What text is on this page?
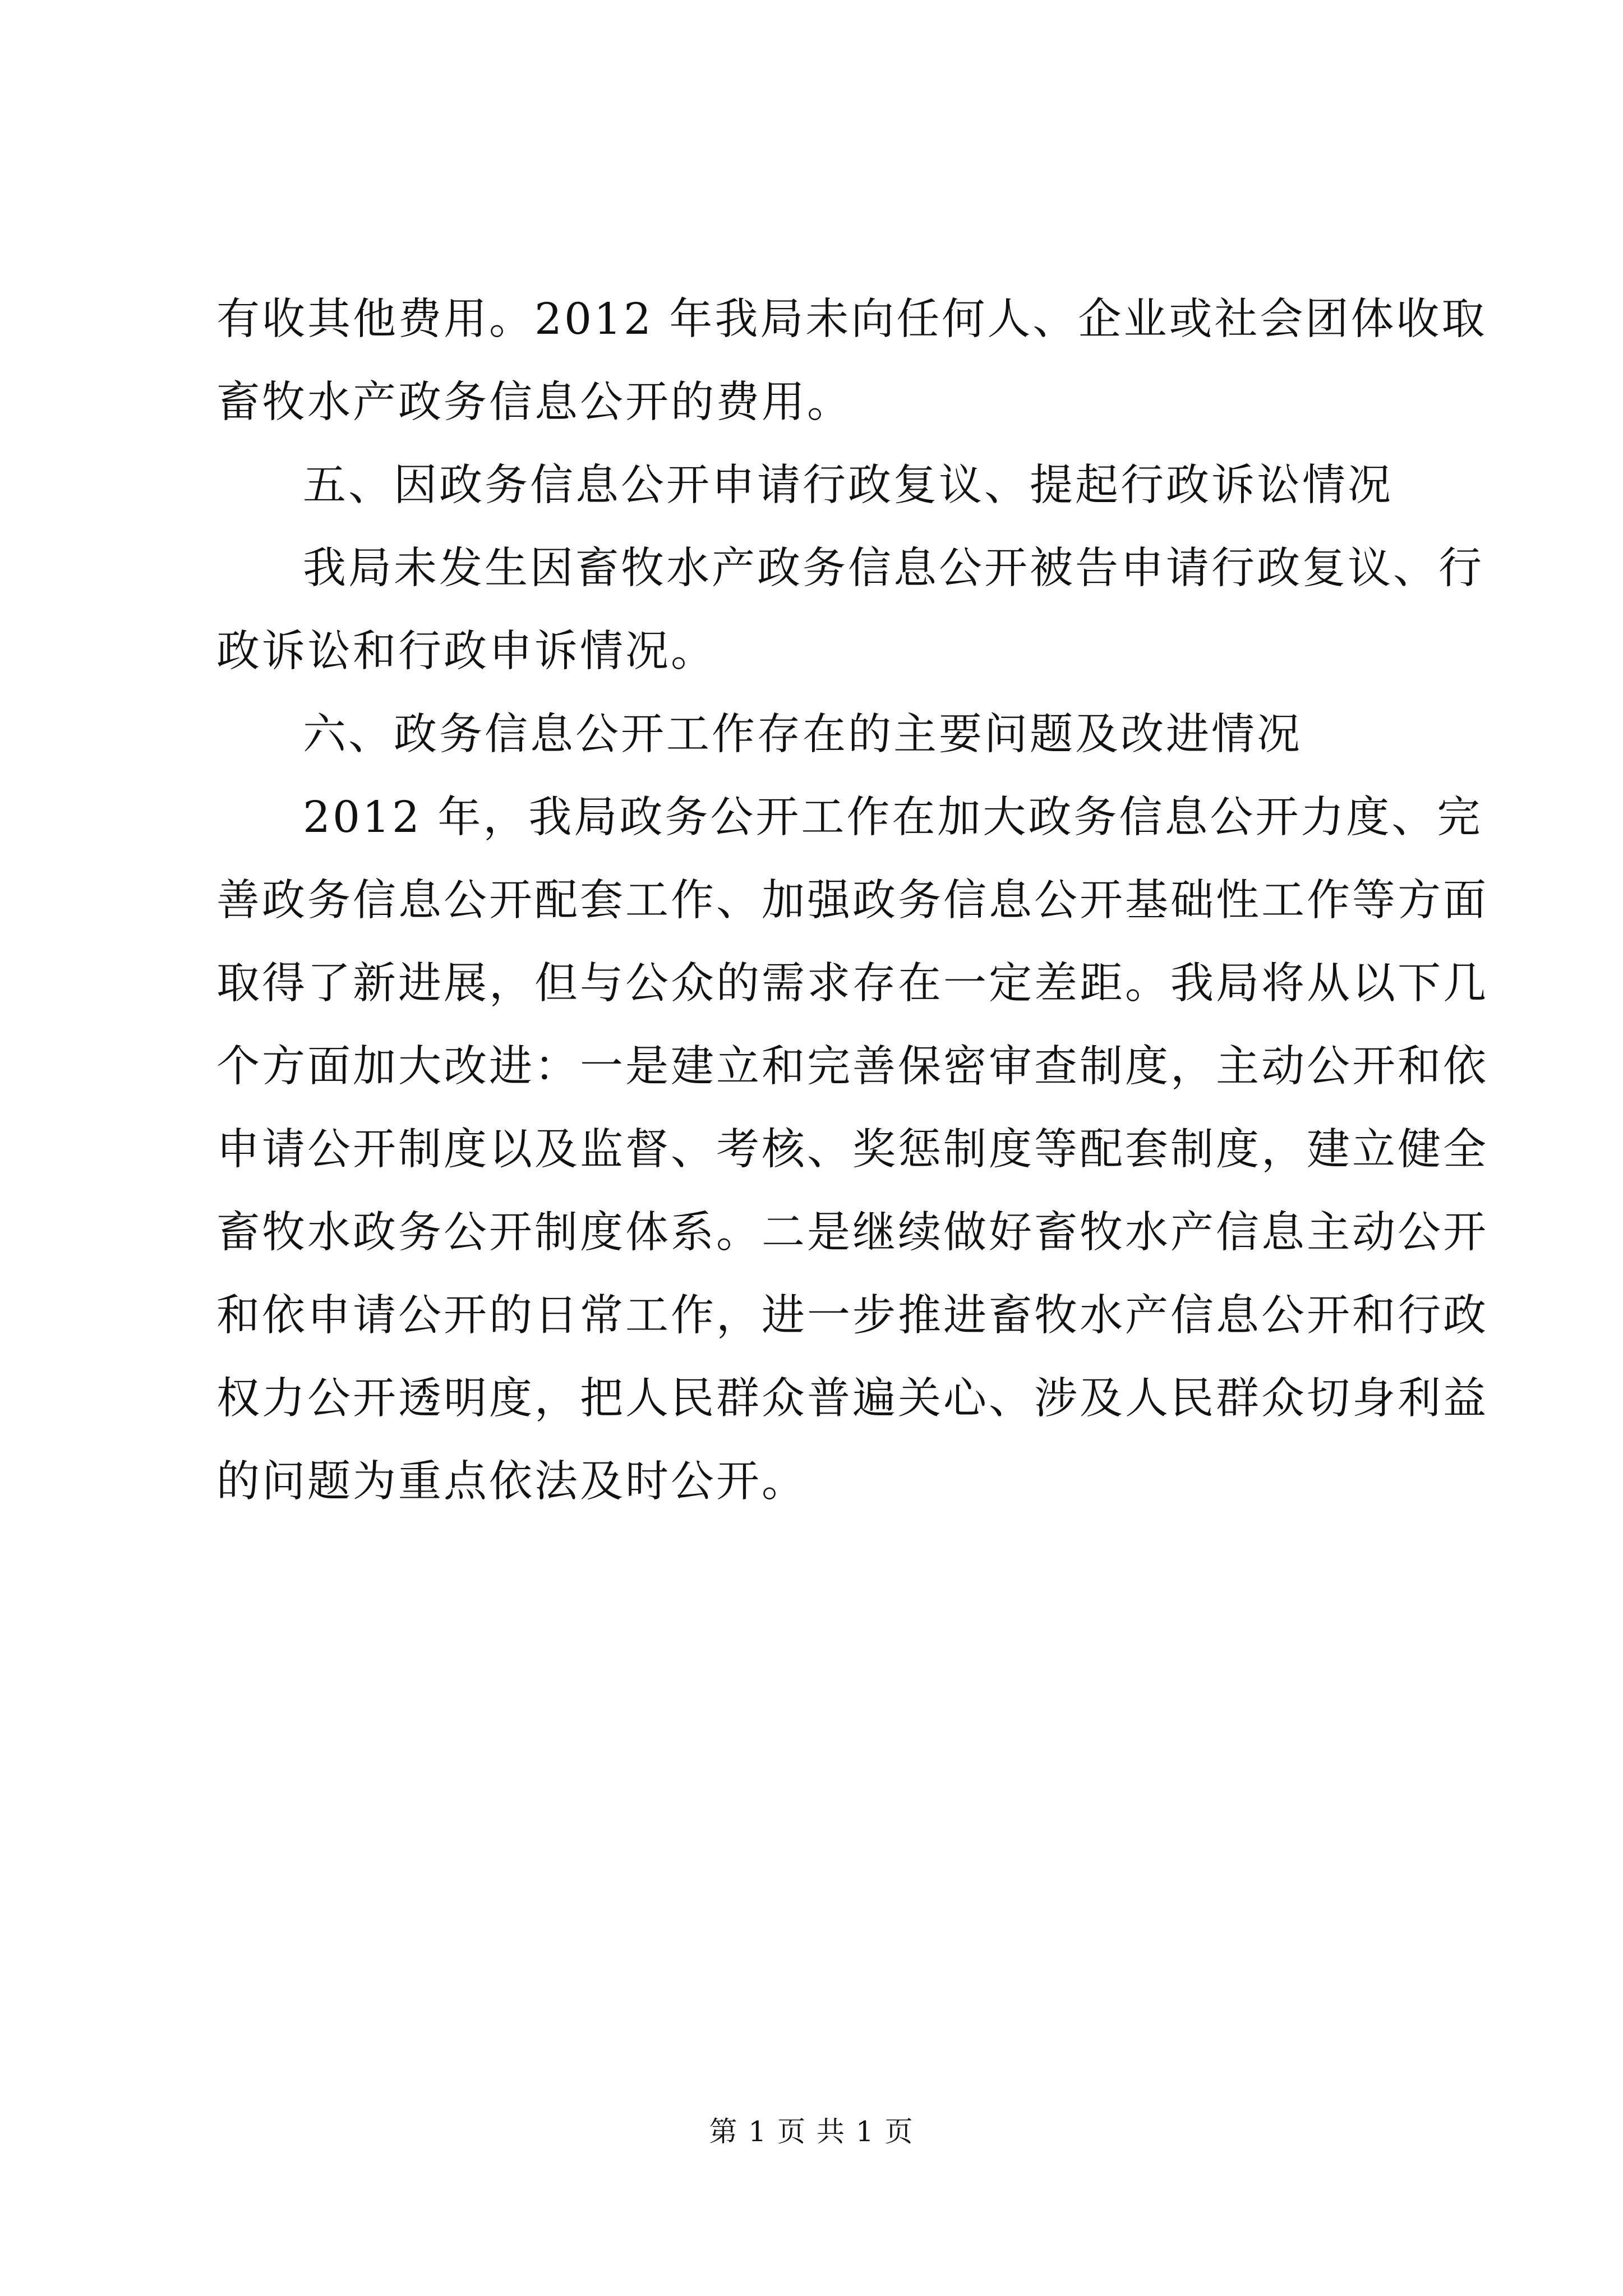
有收其他费用。2012 年我局未向任何人、企业或社会团体收取
畜牧水产政务信息公开的费用。
五、因政务信息公开申请行政复议、提起行政诉讼情况
我局未发生因畜牧水产政务信息公开被告申请行政复议、行
政诉讼和行政申诉情况。
六、政务信息公开工作存在的主要问题及改进情况
2012 年，我局政务公开工作在加大政务信息公开力度、完
善政务信息公开配套工作、加强政务信息公开基础性工作等方面
取得了新进展，但与公众的需求存在一定差距。我局将从以下几
个方面加大改进：一是建立和完善保密审查制度，主动公开和依
申请公开制度以及监督、考核、奖惩制度等配套制度，建立健全
畜牧水政务公开制度体系。二是继续做好畜牧水产信息主动公开
和依申请公开的日常工作，进一步推进畜牧水产信息公开和行政
权力公开透明度，把人民群众普遍关心、涉及人民群众切身利益
的问题为重点依法及时公开。
第 1 页 共 1 页
